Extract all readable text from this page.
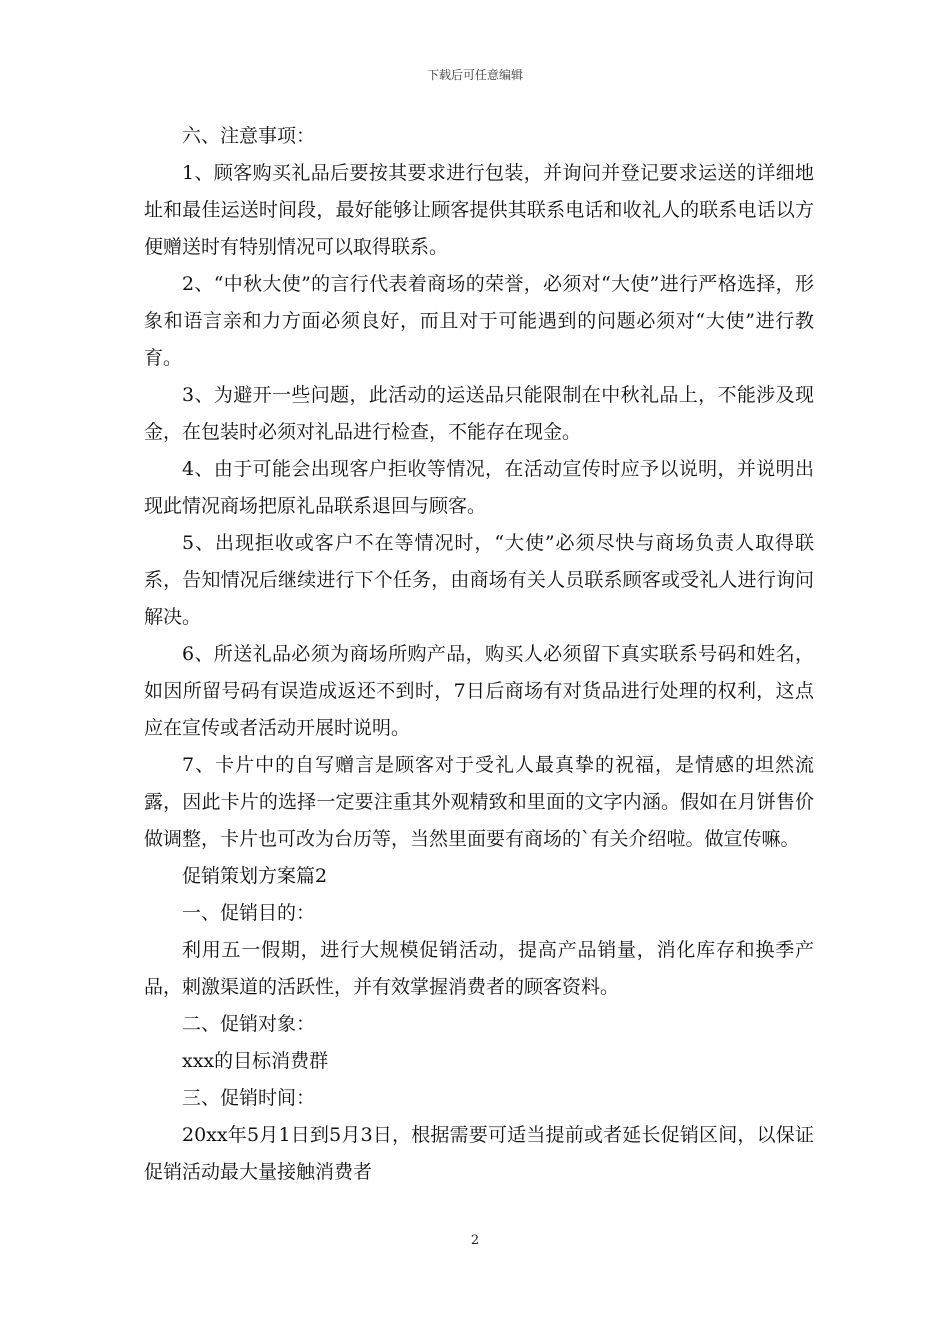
下载后可任意编辑

六、注意事项：

1、顾客购买礼品后要按其要求进行包装，并询问并登记要求运送的详细地址和最佳运送时间段，最好能够让顾客提供其联系电话和收礼人的联系电话以方便赠送时有特别情况可以取得联系。

2、“中秋大使”的言行代表着商场的荣誉，必须对“大使”进行严格选择，形象和语言亲和力方面必须良好，而且对于可能遇到的问题必须对“大使”进行教育。

3、为避开一些问题，此活动的运送品只能限制在中秋礼品上，不能涉及现金，在包装时必须对礼品进行检查，不能存在现金。

4、由于可能会出现客户拒收等情况，在活动宣传时应予以说明，并说明出现此情况商场把原礼品联系退回与顾客。

5、出现拒收或客户不在等情况时，“大使”必须尽快与商场负责人取得联系，告知情况后继续进行下个任务，由商场有关人员联系顾客或受礼人进行询问解决。

6、所送礼品必须为商场所购产品，购买人必须留下真实联系号码和姓名，如因所留号码有误造成返还不到时，7日后商场有对货品进行处理的权利，这点应在宣传或者活动开展时说明。

7、卡片中的自写赠言是顾客对于受礼人最真挚的祝福，是情感的坦然流露，因此卡片的选择一定要注重其外观精致和里面的文字内涵。假如在月饼售价做调整，卡片也可改为台历等，当然里面要有商场的`有关介绍啦。做宣传嘛。

促销策划方案篇2

一、促销目的：

利用五一假期，进行大规模促销活动，提高产品销量，消化库存和换季产品，刺激渠道的活跃性，并有效掌握消费者的顾客资料。

二、促销对象：

xxx的目标消费群

三、促销时间：

20xx年5月1日到5月3日，根据需要可适当提前或者延长促销区间，以保证促销活动最大量接触消费者

2
